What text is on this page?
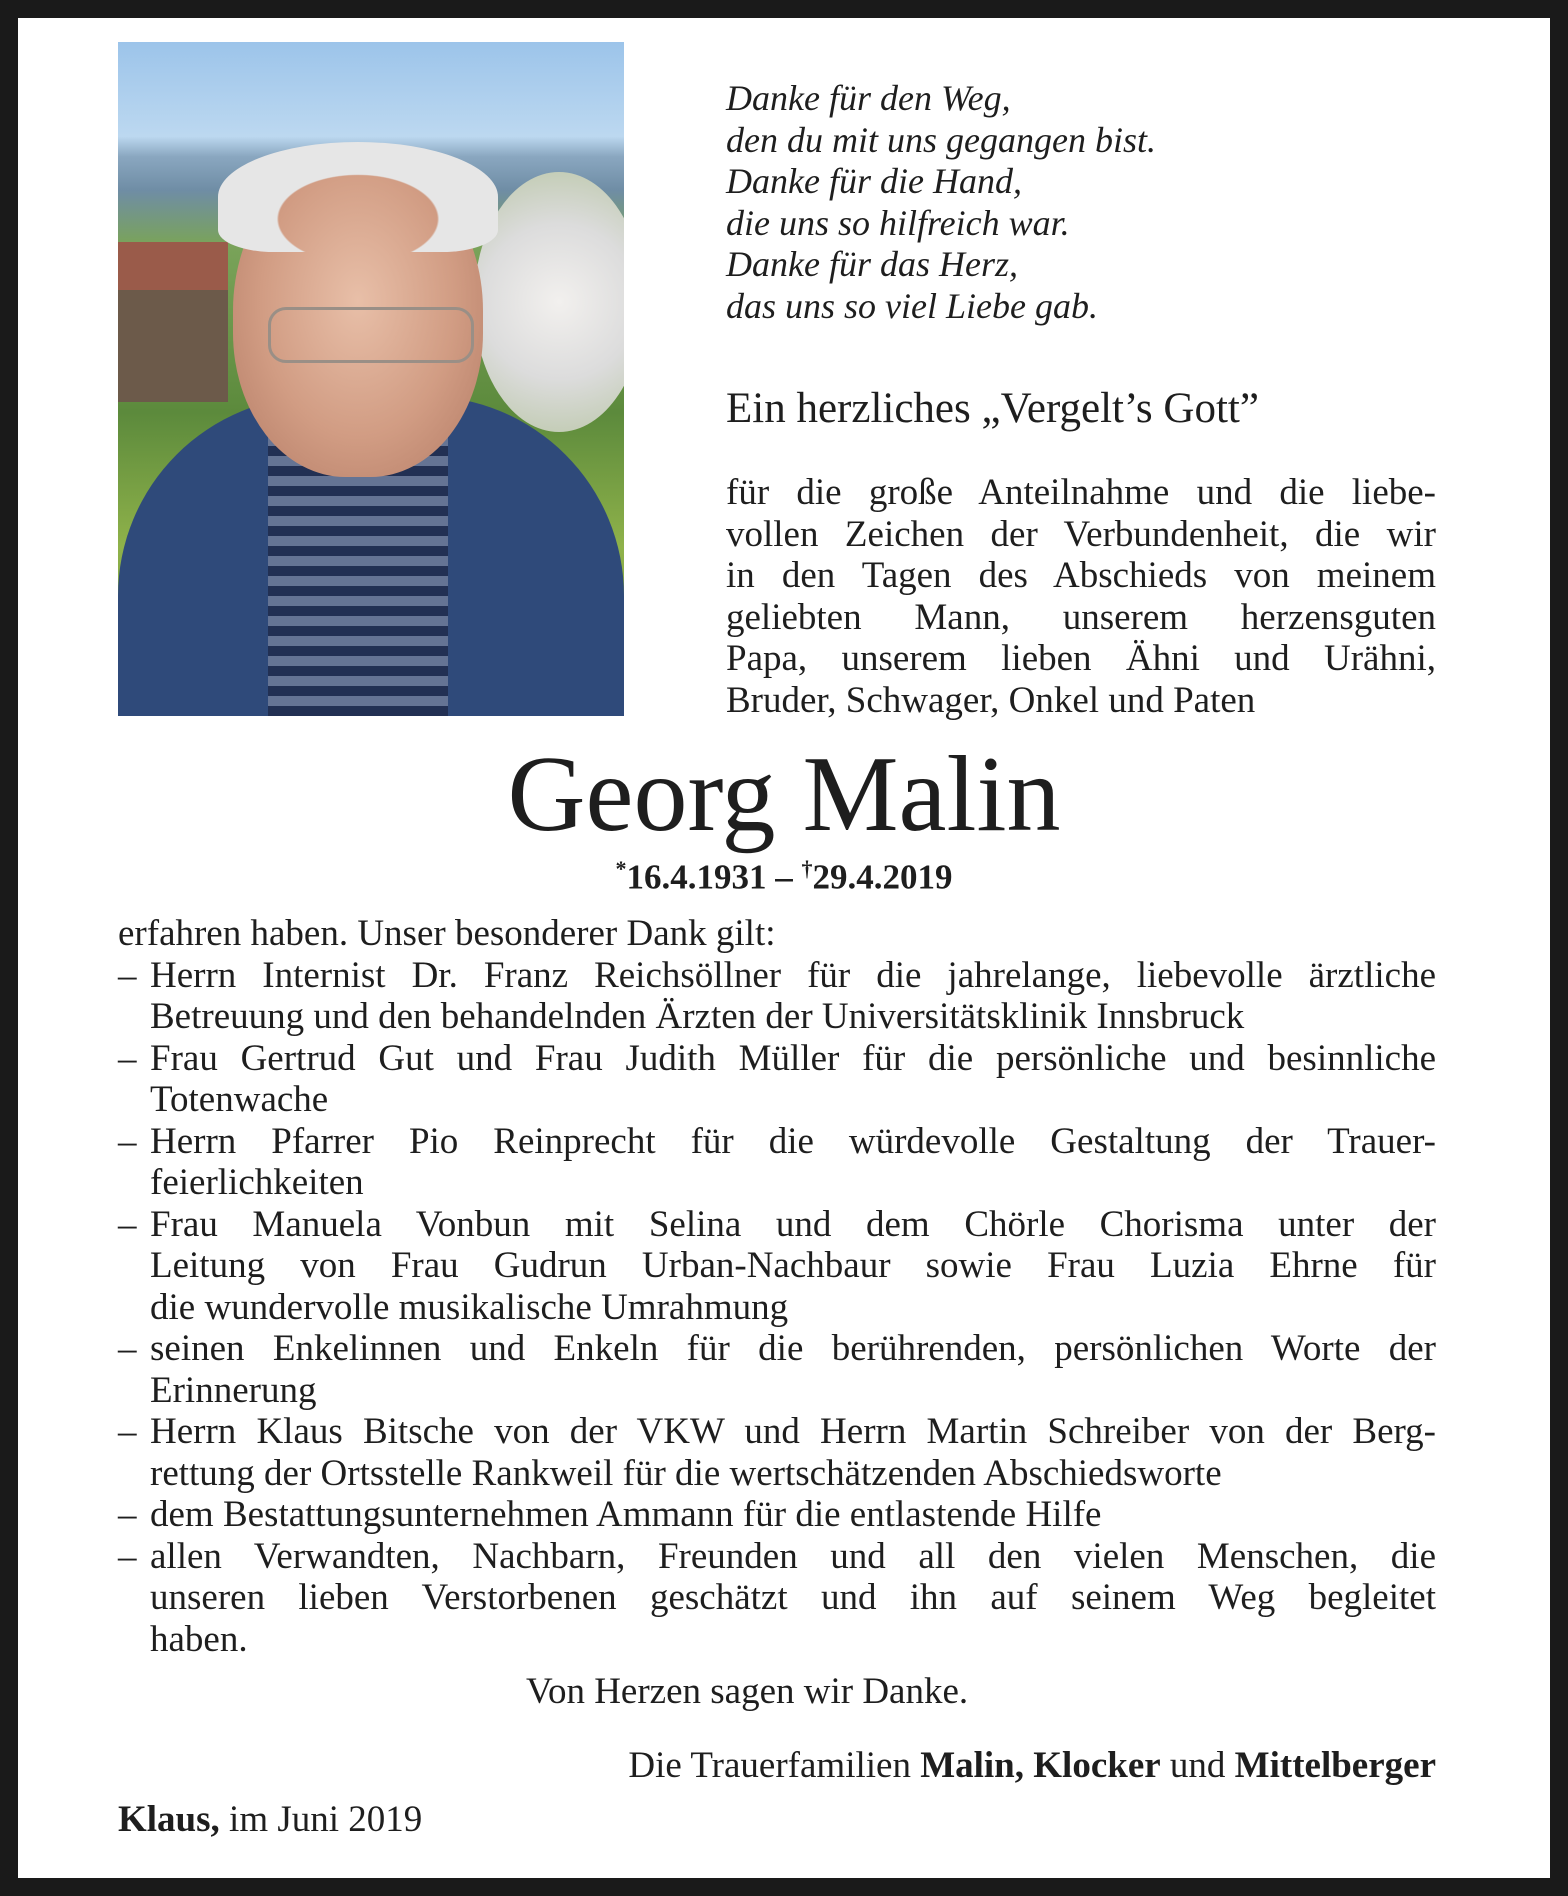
Danke für den Weg,
den du mit uns gegangen bist.
Danke für die Hand,
die uns so hilfreich war.
Danke für das Herz,
das uns so viel Liebe gab.
Ein herzliches „Vergelt’s Gott”
für die große Anteilnahme und die liebe-
vollen Zeichen der Verbundenheit, die wir
in den Tagen des Abschieds von meinem
geliebten Mann, unserem herzensguten
Papa, unserem lieben Ähni und Urähni,
Bruder, Schwager, Onkel und Paten
Georg Malin
*16.4.1931 – †29.4.2019
erfahren haben. Unser besonderer Dank gilt:
– Herrn Internist Dr. Franz Reichsöllner für die jahrelange, liebevolle ärztliche
Betreuung und den behandelnden Ärzten der Universitätsklinik Innsbruck
– Frau Gertrud Gut und Frau Judith Müller für die persönliche und besinnliche
Totenwache
– Herrn Pfarrer Pio Reinprecht für die würdevolle Gestaltung der Trauer-
feierlichkeiten
– Frau Manuela Vonbun mit Selina und dem Chörle Chorisma unter der
Leitung von Frau Gudrun Urban-Nachbaur sowie Frau Luzia Ehrne für
die wundervolle musikalische Umrahmung
– seinen Enkelinnen und Enkeln für die berührenden, persönlichen Worte der
Erinnerung
– Herrn Klaus Bitsche von der VKW und Herrn Martin Schreiber von der Berg-
rettung der Ortsstelle Rankweil für die wertschätzenden Abschiedsworte
– dem Bestattungsunternehmen Ammann für die entlastende Hilfe
– allen Verwandten, Nachbarn, Freunden und all den vielen Menschen, die
unseren lieben Verstorbenen geschätzt und ihn auf seinem Weg begleitet
haben.
Von Herzen sagen wir Danke.
Die Trauerfamilien Malin, Klocker und Mittelberger
Klaus, im Juni 2019
